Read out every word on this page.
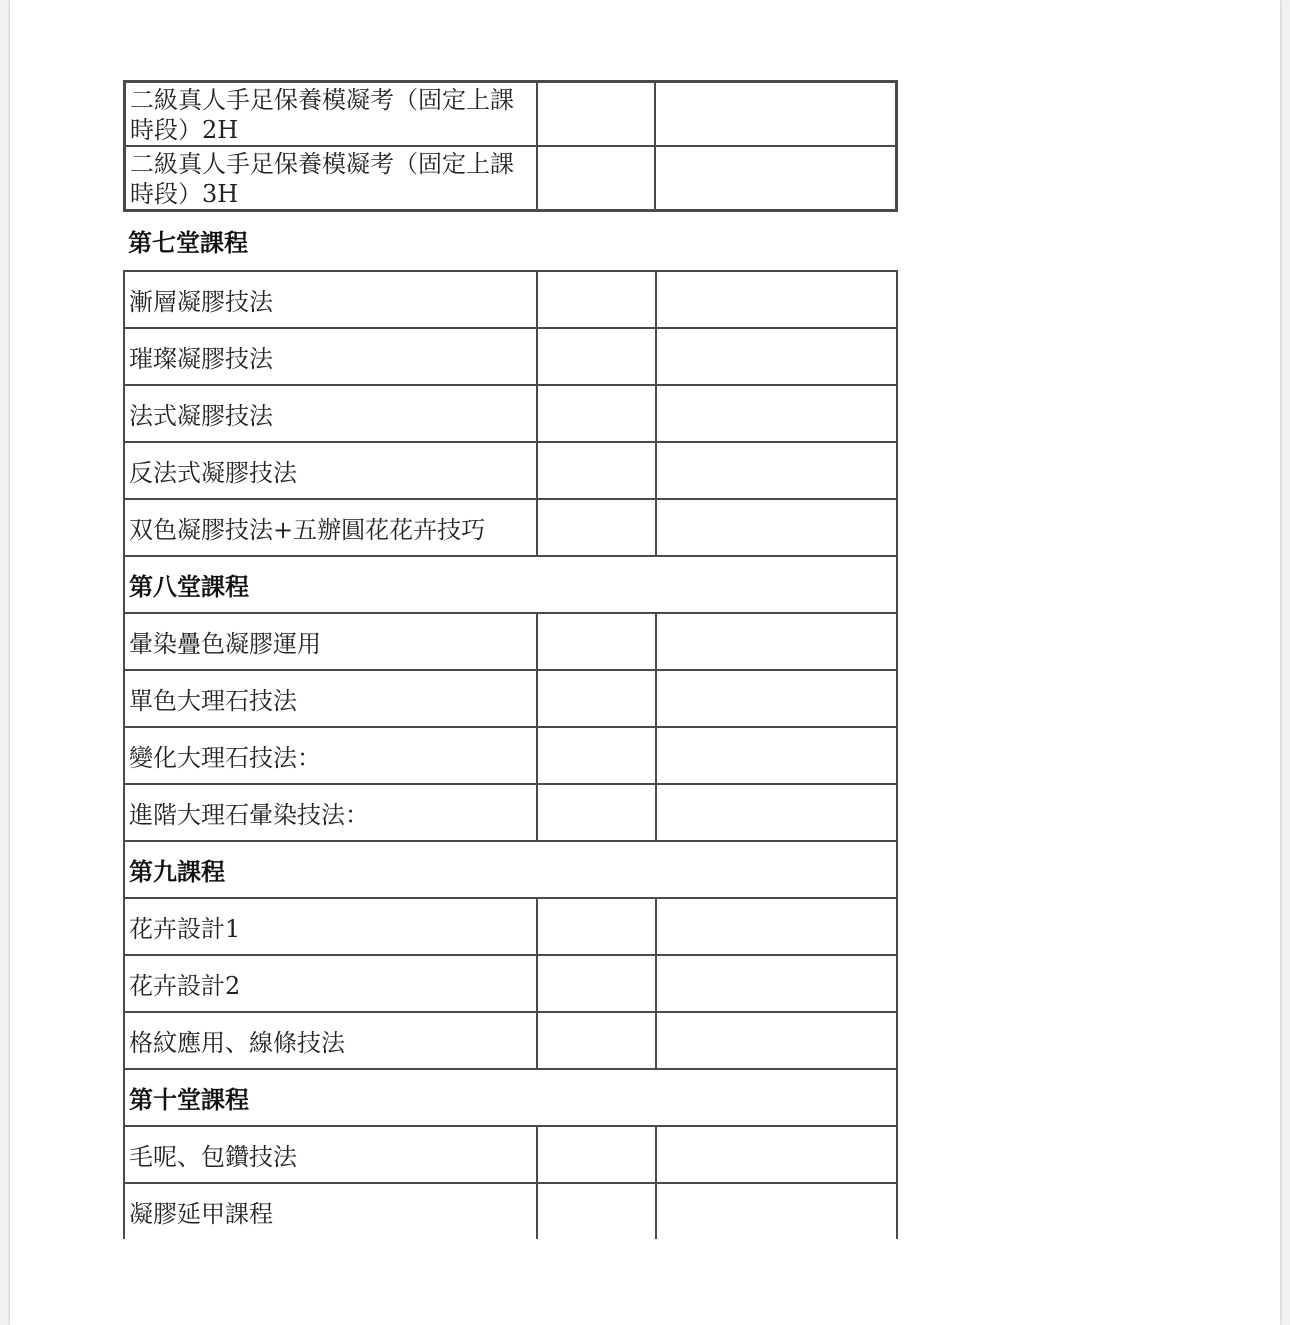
二級真人手足保養模凝考（固定上課時段）2H		
二級真人手足保養模凝考（固定上課時段）3H		
第七堂課程
漸層凝膠技法		
璀璨凝膠技法		
法式凝膠技法		
反法式凝膠技法		
双色凝膠技法+五辦圓花花卉技巧		
第八堂課程		
暈染疊色凝膠運用		
單色大理石技法		
變化大理石技法：		
進階大理石暈染技法：		
第九課程		
花卉設計1		
花卉設計2		
格紋應用、線條技法		
第十堂課程		
毛呢、包鑽技法		
凝膠延甲課程		
